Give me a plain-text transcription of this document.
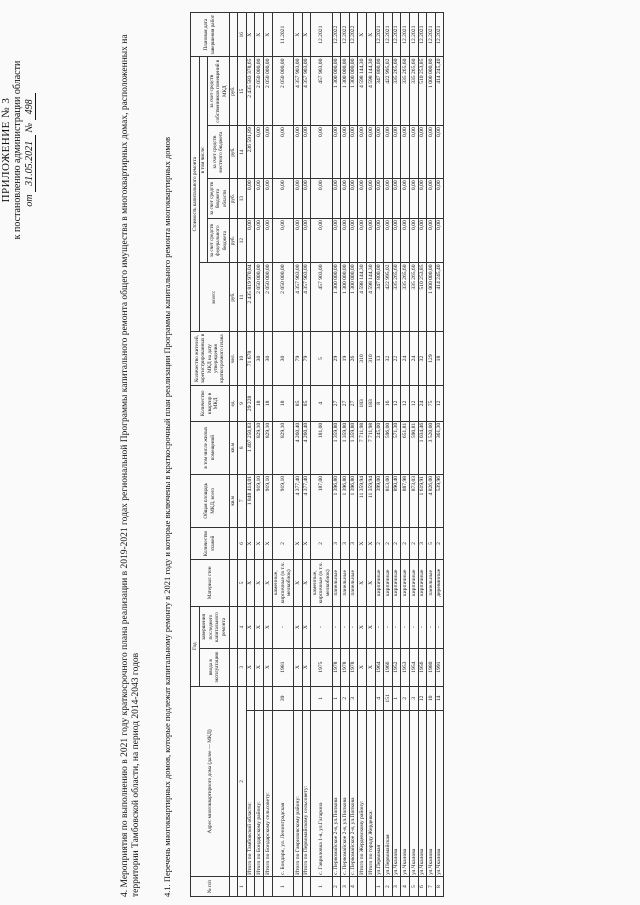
ПРИЛОЖЕНИЕ № 3 к постановлению администрации области от 31.05.2021 № 498	4. Мероприятия по выполнению в 2021 году краткосрочного плана реализации в 2019-2021 годах региональной Программы капитального ремонта общего имущества в многоквартирных домах, расположенных на территории Тамбовской области, на период 2014-2043 годов 4.1. Перечень многоквартирных домов, которые подлежат капитальному ремонту в 2021 году и которые включены в краткосрочный план реализации Программы капитального ремонта многоквартирных домов	№ п/п	Адрес многоквартирного дома (далее — МКД)		Год		Материал стен	Количество этажей	Общая площадь МКД, всего	в том числе жилых помещений	Количество квартир в МКД	Количество жителей, зарегистрированных в МКД на дату утверждения краткосрочного плана	Стоимость капитального ремонта					Плановая дата завершения работ
			ввода в эксплуатацию	завершения последнего капитального ремонта							всего:	в том числе:				
												за счет средств федерального бюджета	за счет средств бюджета области	за счет средств местного бюджета	за счет средств собственников помещений в МКД	
							кв.м	кв.м	ед.	чел.	руб.	руб.	руб.	руб.	руб.	
1	2		3	4	5	6	7	8	9	10	11	12	13	14	15	16
	Итого по Тамбовской области:		X	X	X	X	1 848 414,01	1 407 250,83	29 228	71 678	2 435 819 970,04	0,00	0,00	236 591,89	2 435 583 378,65	X
	Итого по Бондарскому району:		X	X	X	X	919,10	829,10	18	30	2 050 000,00	0,00	0,00	0,00	2 050 000,00	X
	Итого по Бондарскому сельсовету:		X	X	X	X	919,10	829,10	18	30	2 050 000,00	0,00	0,00	0,00	2 050 000,00	X
1	с. Бондари, ул. Ленинградская	39	1981	-	каменные, кирпичные (в т.ч. мелкоблок)	2	919,10	829,10	18	30	2 050 000,00	0,00	0,00	0,00	2 050 000,00	11.2021
	Итого по Гавриловскому району:		X	X	X	X	4 377,40	4 260,40	85	79	4 357 903,00	0,00	0,00	0,00	4 357 903,00	X
	Итого по Первомайскому сельсовету:		X	X	X	X	4 377,40	4 260,40	85	79	4 357 903,00	0,00	0,00	0,00	4 357 903,00	X
1	с. Гавриловка 1-я, ул.Гагарина	1	1975	-	каменные, кирпичные (в т.ч. мелкоблок)	2	187,00	181,00	4	5	457 903,00	0,00	0,00	0,00	457 903,00	12.2021
2	с. Первомайское 2-я, ул.Попкова	1	1978	-	панельные	3	1 396,80	1 359,80	27	29	1 300 000,00	0,00	0,00	0,00	1 300 000,00	12.2022
3	с. Первомайское 2-я, ул.Попкова	2	1978	-	панельные	3	1 396,80	1 359,80	27	19	1 300 000,00	0,00	0,00	0,00	1 300 000,00	12.2022
4	с. Первомайское 2-я, ул.Попкова	3	1978	-	панельные	3	1 396,80	1 359,80	27	26	1 300 000,00	0,00	0,00	0,00	1 300 000,00	12.2022
	Итого по Жердевскому району:		X	X	X	X	11 359,94	7 711,98	183	310	4 598 144,30	0,00	0,00	0,00	4 598 144,30	X
	Итого по городу Жердевка:		X	X	X	X	11 359,94	7 711,98	183	310	4 598 144,30	0,00	0,00	0,00	4 598 144,30	X
1	ул.Первомая	4	1964	-	кирпичные	2	399,00	245,00	8	13	347 800,00	0,00	0,00	0,00	347 800,00	12.2021
2	ул.Первомайская	151	1966	-	кирпичные	2	813,00	596,00	16	32	422 995,02	0,00	0,00	0,00	422 995,02	12.2021
3	ул.Чкалова	1	1952	-	кирпичные	2	890,40	571,30	12	22	335 265,60	0,00	0,00	0,00	335 265,60	12.2021
4	ул.Чкалова	2	1953	-	кирпичные	2	887,98	651,81	12	24	335 265,60	0,00	0,00	0,00	335 265,60	12.2021
5	ул.Чкалова	3	1954	-	кирпичные	2	873,03	590,81	12	24	335 265,60	0,00	0,00	0,00	335 265,60	12.2021
6	ул.Чкалова	12	1956	-	кирпичные	3	1 619,91	1 034,46	24	32	510 253,85	0,00	0,00	0,00	510 253,85	12.2021
7	ул.Чкалова	10	1980	-	панельные	5	4 826,00	3 520,00	75	129	1 000 000,00	0,00	0,00	0,00	1 000 000,00	12.2021
8	ул.Чкалова	14	1991	-	деревянные	2	539,96	361,30	12	18	414 245,40	0,00	0,00	0,00	414 245,40	12.2021
